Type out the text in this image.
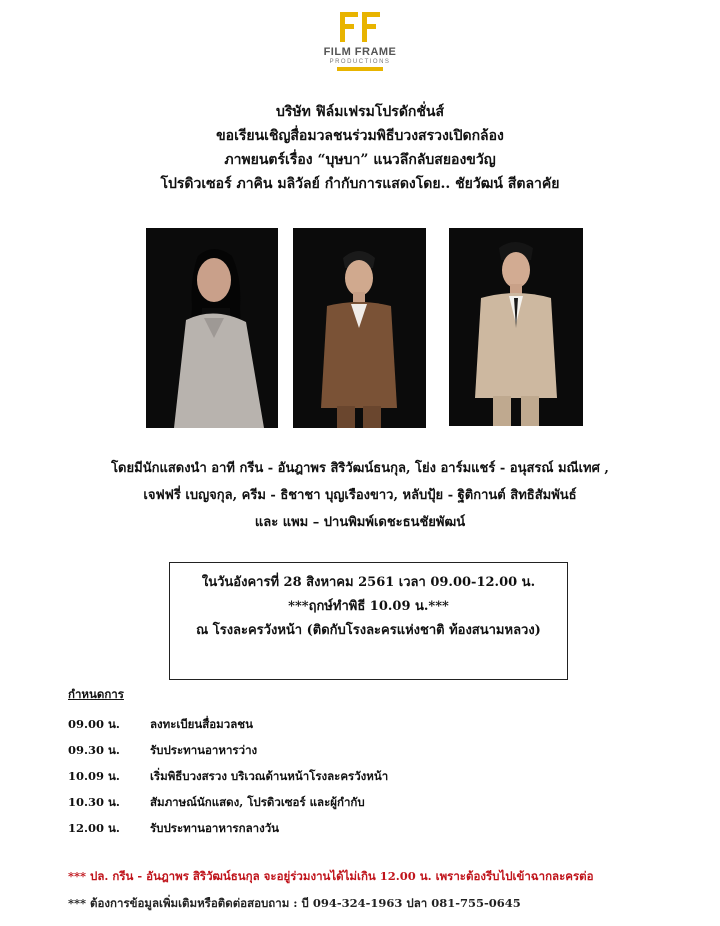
FILM FRAME
PRODUCTIONS
บริษัท ฟิล์มเฟรมโปรดักชั่นส์
ขอเรียนเชิญสื่อมวลชนร่วมพิธีบวงสรวงเปิดกล้อง
ภาพยนตร์เรื่อง “บุษบา” แนวลึกลับสยองขวัญ
โปรดิวเซอร์ ภาคิน มลิวัลย์ กำกับการแสดงโดย.. ชัยวัฒน์ สีตลาคัย
โดยมีนักแสดงนำ อาที กรีน - อันฎาพร สิริวัฒน์ธนกุล, โย่ง อาร์มแชร์ - อนุสรณ์ มณีเทศ ,
เจฟฟรี่ เบญจกุล, ครีม - ธิชาชา บุญเรืองขาว, หลับปุ้ย - ฐิติกานต์ สิทธิสัมพันธ์
และ แพม – ปานพิมพ์เดชะธนชัยพัฒน์
ในวันอังคารที่ 28 สิงหาคม 2561 เวลา 09.00-12.00 น.
***ฤกษ์ทำพิธี 10.09 น.***
ณ โรงละครวังหน้า (ติดกับโรงละครแห่งชาติ ท้องสนามหลวง)
กำหนดการ
09.00 น.	ลงทะเบียนสื่อมวลชน
09.30 น.	รับประทานอาหารว่าง
10.09 น.	เริ่มพิธีบวงสรวง บริเวณด้านหน้าโรงละครวังหน้า
10.30 น.	สัมภาษณ์นักแสดง, โปรดิวเซอร์ และผู้กำกับ
12.00 น.	รับประทานอาหารกลางวัน
*** ปล. กรีน - อันฎาพร สิริวัฒน์ธนกุล จะอยู่ร่วมงานได้ไม่เกิน 12.00 น. เพราะต้องรีบไปเข้าฉากละครต่อ
*** ต้องการข้อมูลเพิ่มเติมหรือติดต่อสอบถาม : บี 094-324-1963 ปลา 081-755-0645
